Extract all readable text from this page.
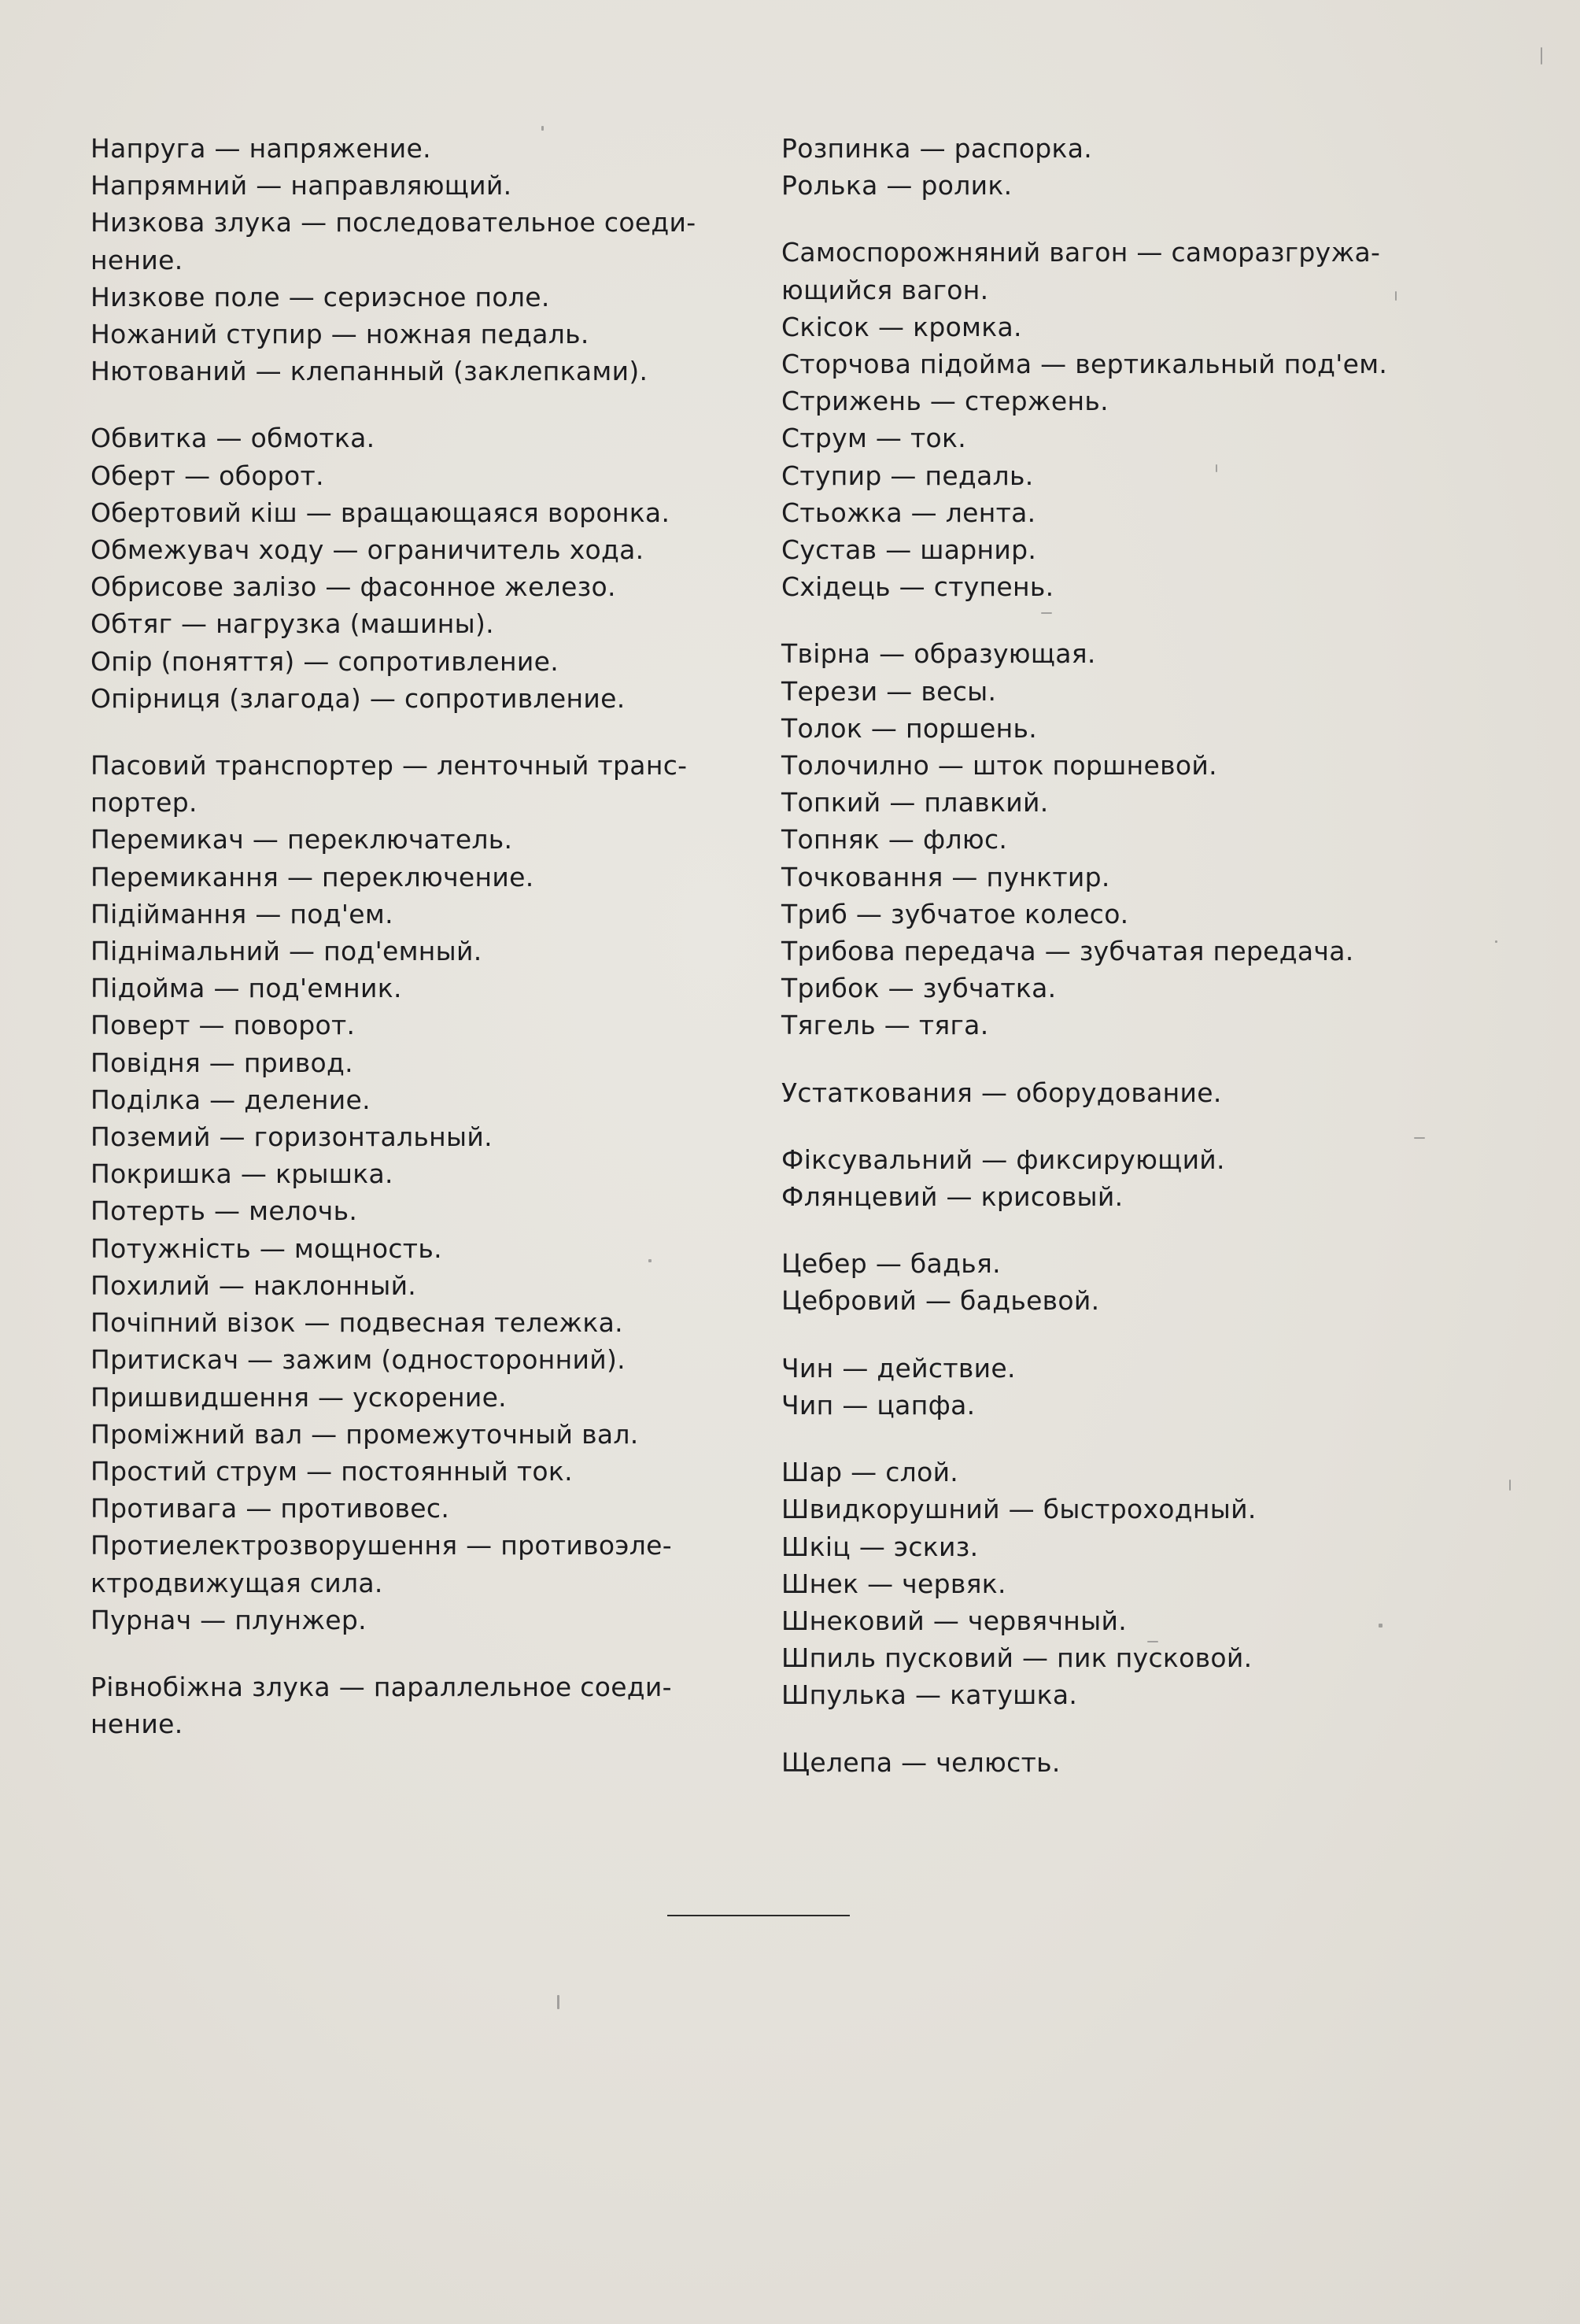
Напруга — напряжение.

Напрямний — направляющий.

Низкова злука — последовательное соеди-
нение.

Низкове поле — сериэсное поле.

Ножаний ступир — ножная педаль.

Нютований — клепанный (заклепками).

Обвитка — обмотка.

Оберт — оборот.

Обертовий кіш — вращающаяся воронка.

Обмежувач ходу — ограничитель хода.

Обрисове залізо — фасонное железо.

Обтяг — нагрузка (машины).

Опір (поняття) — сопротивление.

Опірниця (злагода) — сопротивление.

Пасовий транспортер — ленточный транс-
портер.

Перемикач — переключатель.

Перемикання — переключение.

Підіймання — под'ем.

Піднімальний — под'емный.

Підойма — под'емник.

Поверт — поворот.

Повідня — привод.

Поділка — деление.

Поземий — горизонтальный.

Покришка — крышка.

Потерть — мелочь.

Потужність — мощность.

Похилий — наклонный.

Почіпний візок — подвесная тележка.

Притискач — зажим (односторонний).

Пришвидшення — ускорение.

Проміжний вал — промежуточный вал.

Простий струм — постоянный ток.

Противага — противовес.

Протиелектрозворушення — противоэле-
ктродвижущая сила.

Пурнач — плунжер.

Рівнобіжна злука — параллельное соеди-
нение.

Розпинка — распорка.

Ролька — ролик.

Самоспорожняний вагон — саморазгружа-
ющийся вагон.

Скісок — кромка.

Сторчова підойма — вертикальный под'ем.

Стрижень — стержень.

Струм — ток.

Ступир — педаль.

Стьожка — лента.

Сустав — шарнир.

Східець — ступень.

Твірна — образующая.

Терези — весы.

Толок — поршень.

Толочилно — шток поршневой.

Топкий — плавкий.

Топняк — флюс.

Точковання — пунктир.

Триб — зубчатое колесо.

Трибова передача — зубчатая передача.

Трибок — зубчатка.

Тягель — тяга.

Устаткования — оборудование.

Фіксувальний — фиксирующий.

Флянцевий — крисовый.

Цебер — бадья.

Цебровий — бадьевой.

Чин — действие.

Чип — цапфа.

Шар — слой.

Швидкорушний — быстроходный.

Шкіц — эскиз.

Шнек — червяк.

Шнековий — червячный.

Шпиль пусковий — пик пусковой.

Шпулька — катушка.

Щелепа — челюсть.
